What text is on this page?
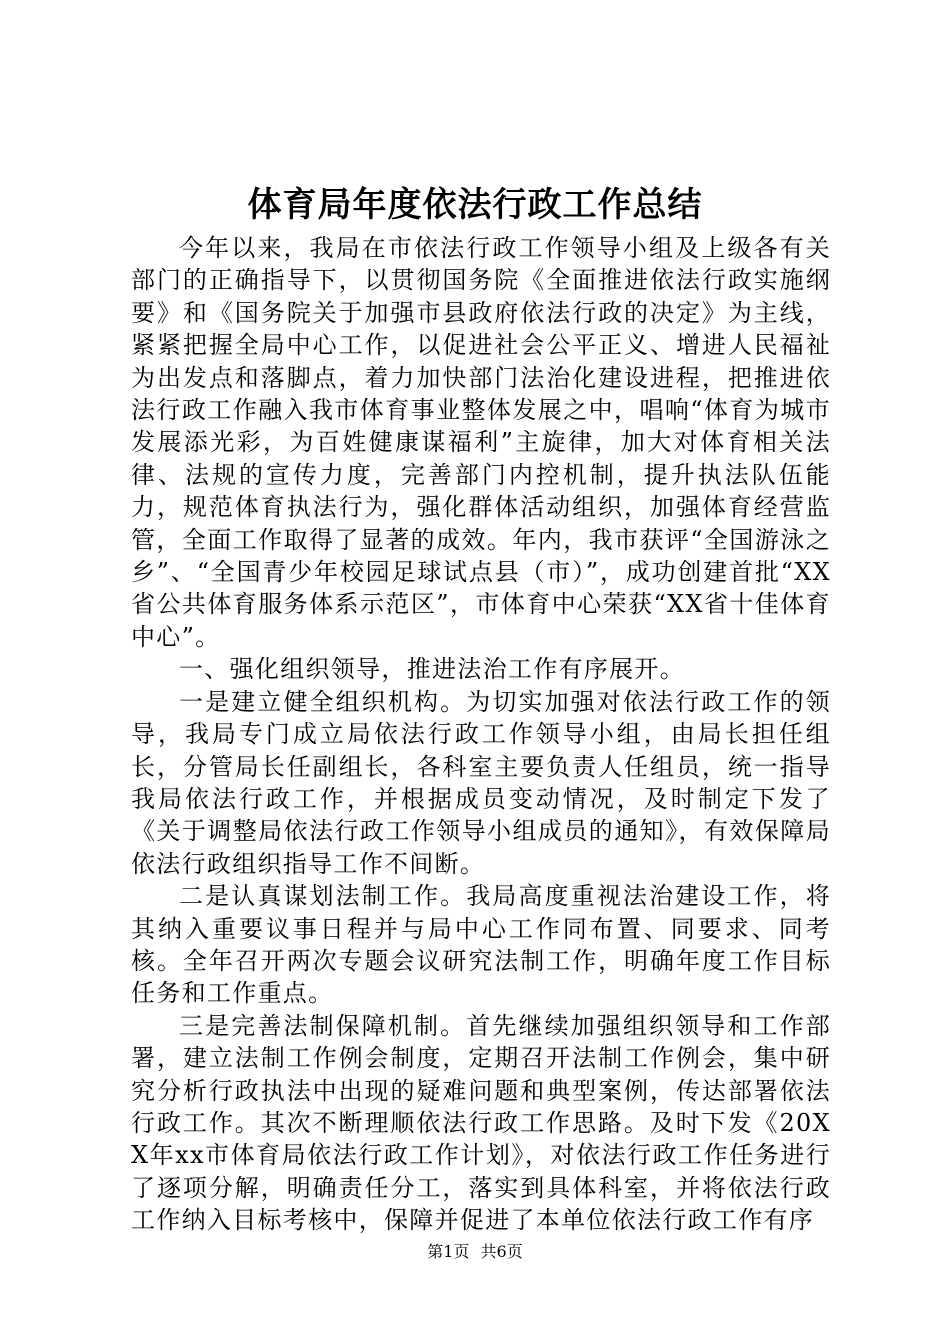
体育局年度依法行政工作总结

今年以来，我局在市依法行政工作领导小组及上级各有关部门的正确指导下，以贯彻国务院《全面推进依法行政实施纲要》和《国务院关于加强市县政府依法行政的决定》为主线，紧紧把握全局中心工作，以促进社会公平正义、增进人民福祉为出发点和落脚点，着力加快部门法治化建设进程，把推进依法行政工作融入我市体育事业整体发展之中，唱响“体育为城市发展添光彩，为百姓健康谋福利”主旋律，加大对体育相关法律、法规的宣传力度，完善部门内控机制，提升执法队伍能力，规范体育执法行为，强化群体活动组织，加强体育经营监管，全面工作取得了显著的成效。年内，我市获评“全国游泳之乡”、“全国青少年校园足球试点县（市）”，成功创建首批“XX省公共体育服务体系示范区”，市体育中心荣获“XX省十佳体育中心”。

一、强化组织领导，推进法治工作有序展开。

一是建立健全组织机构。为切实加强对依法行政工作的领导，我局专门成立局依法行政工作领导小组，由局长担任组长，分管局长任副组长，各科室主要负责人任组员，统一指导我局依法行政工作，并根据成员变动情况，及时制定下发了《关于调整局依法行政工作领导小组成员的通知》，有效保障局依法行政组织指导工作不间断。

二是认真谋划法制工作。我局高度重视法治建设工作，将其纳入重要议事日程并与局中心工作同布置、同要求、同考核。全年召开两次专题会议研究法制工作，明确年度工作目标任务和工作重点。

三是完善法制保障机制。首先继续加强组织领导和工作部署，建立法制工作例会制度，定期召开法制工作例会，集中研究分析行政执法中出现的疑难问题和典型案例，传达部署依法行政工作。其次不断理顺依法行政工作思路。及时下发《20XX年xx市体育局依法行政工作计划》，对依法行政工作任务进行了逐项分解，明确责任分工，落实到具体科室，并将依法行政工作纳入目标考核中，保障并促进了本单位依法行政工作有序

第1页 共6页
